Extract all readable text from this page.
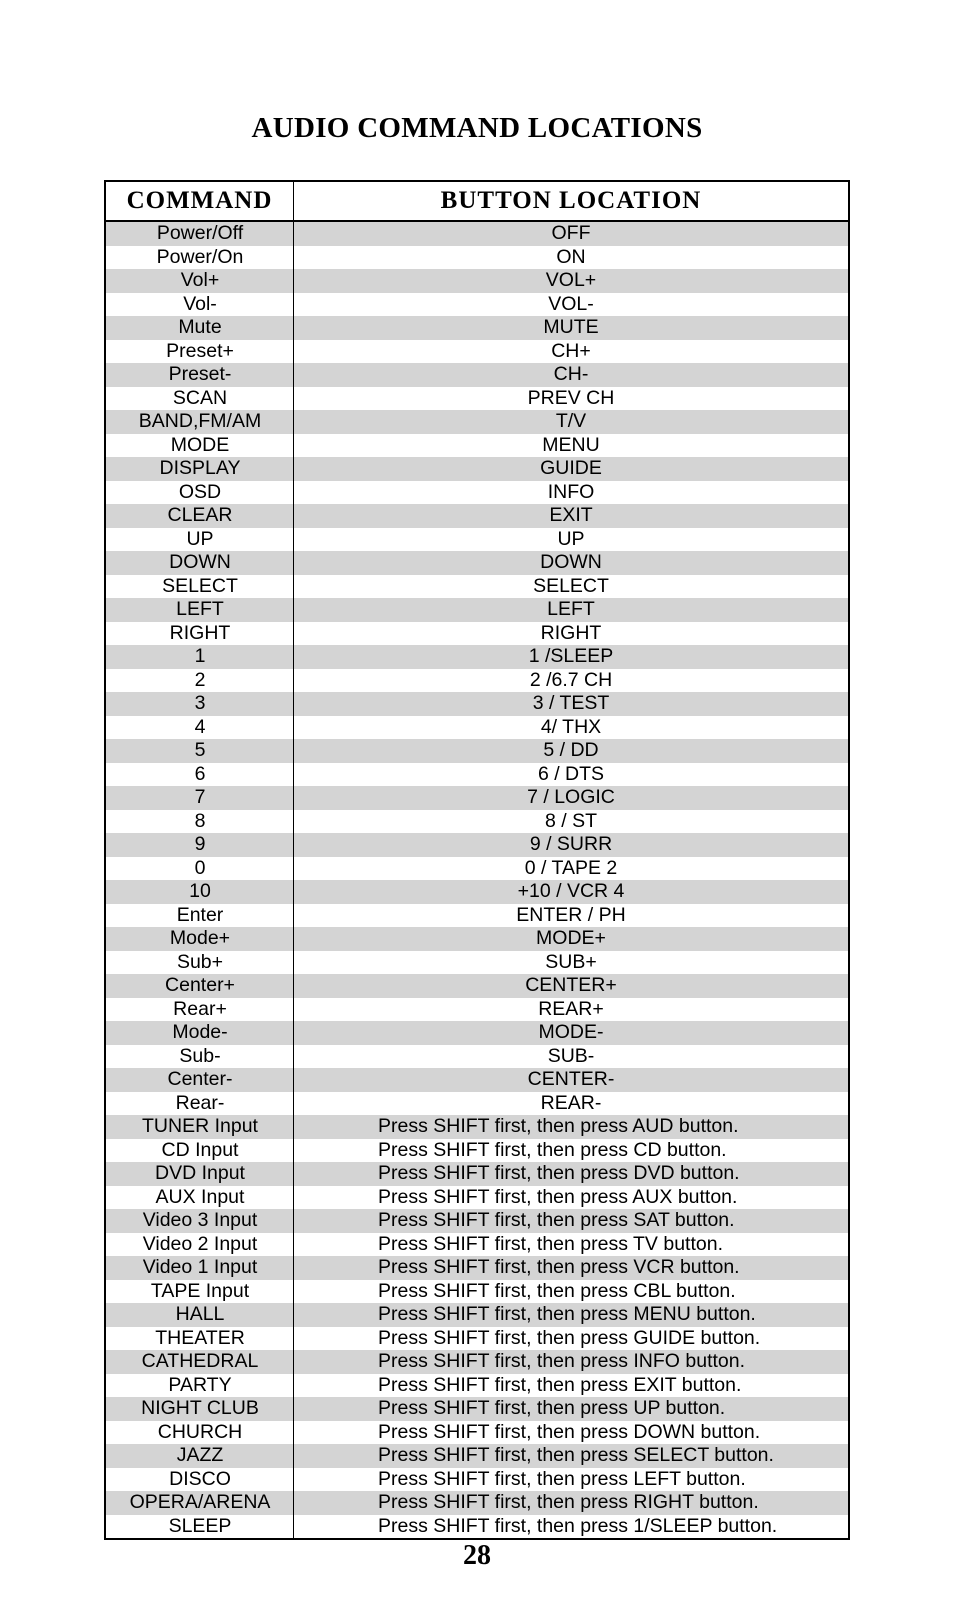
AUDIO COMMAND LOCATIONS
COMMAND	BUTTON LOCATION
Power/Off	OFF
Power/On	ON
Vol+	VOL+
Vol-	VOL-
Mute	MUTE
Preset+	CH+
Preset-	CH-
SCAN	PREV CH
BAND,FM/AM	T/V
MODE	MENU
DISPLAY	GUIDE
OSD	INFO
CLEAR	EXIT
UP	UP
DOWN	DOWN
SELECT	SELECT
LEFT	LEFT
RIGHT	RIGHT
1	1 /SLEEP
2	2 /6.7 CH
3	3 / TEST
4	4/ THX
5	5 / DD
6	6 / DTS
7	7 / LOGIC
8	8 / ST
9	9 / SURR
0	0 / TAPE 2
10	+10 / VCR 4
Enter	ENTER / PH
Mode+	MODE+
Sub+	SUB+
Center+	CENTER+
Rear+	REAR+
Mode-	MODE-
Sub-	SUB-
Center-	CENTER-
Rear-	REAR-
TUNER Input	Press SHIFT first, then press AUD button.
CD Input	Press SHIFT first, then press CD button.
DVD Input	Press SHIFT first, then press DVD button.
AUX Input	Press SHIFT first, then press AUX button.
Video 3 Input	Press SHIFT first, then press SAT button.
Video 2 Input	Press SHIFT first, then press TV button.
Video 1 Input	Press SHIFT first, then press VCR button.
TAPE Input	Press SHIFT first, then press CBL button.
HALL	Press SHIFT first, then press MENU button.
THEATER	Press SHIFT first, then press GUIDE button.
CATHEDRAL	Press SHIFT first, then press INFO button.
PARTY	Press SHIFT first, then press EXIT button.
NIGHT CLUB	Press SHIFT first, then press UP button.
CHURCH	Press SHIFT first, then press DOWN button.
JAZZ	Press SHIFT first, then press SELECT button.
DISCO	Press SHIFT first, then press LEFT button.
OPERA/ARENA	Press SHIFT first, then press RIGHT button.
SLEEP	Press SHIFT first, then press 1/SLEEP button.
28
